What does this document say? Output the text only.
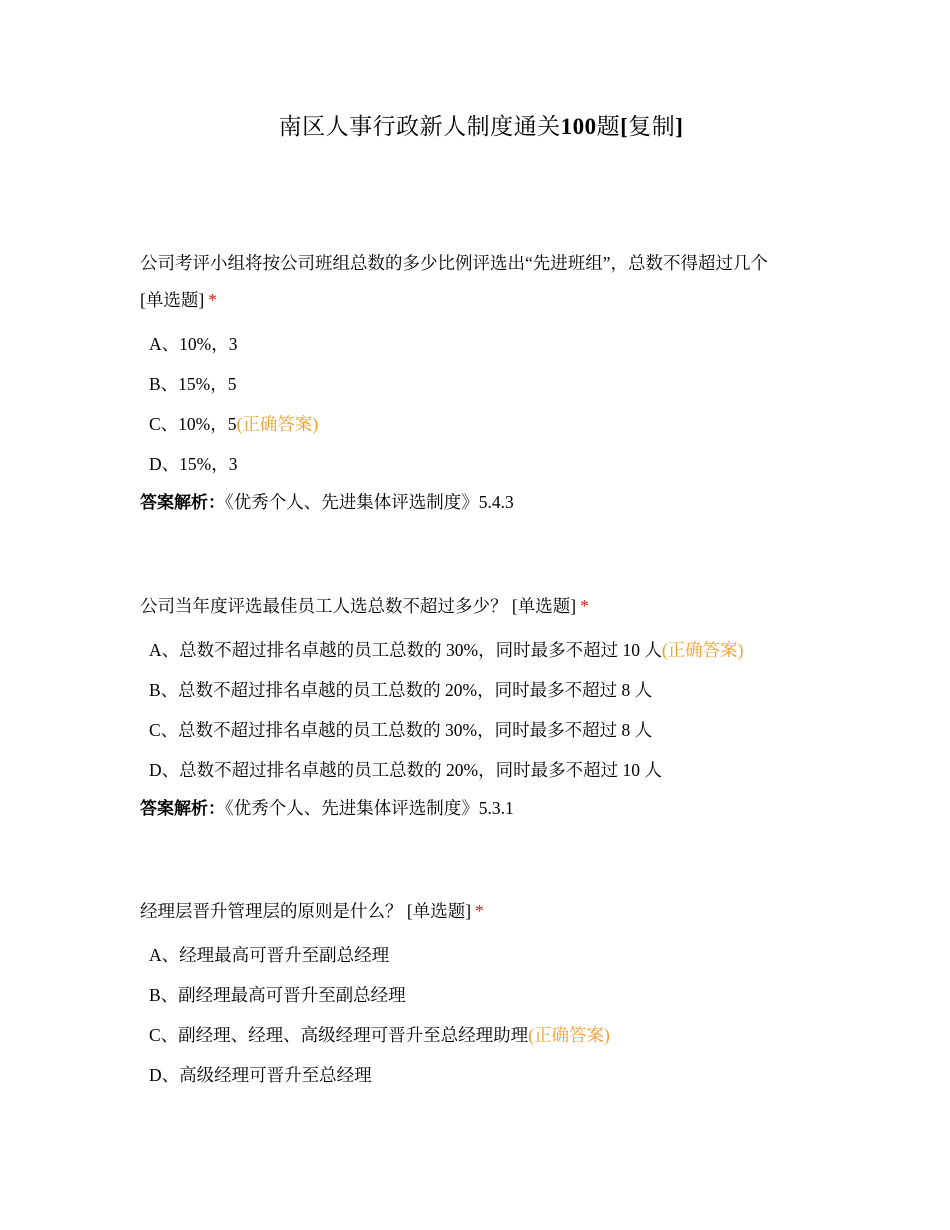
南区人事行政新人制度通关100题[复制]
公司考评小组将按公司班组总数的多少比例评选出“先进班组”，总数不得超过几个
[单选题] *
A、10%，3
B、15%，5
C、10%，5(正确答案)
D、15%，3
答案解析：《优秀个人、先进集体评选制度》5.4.3
公司当年度评选最佳员工人选总数不超过多少？ [单选题] *
A、总数不超过排名卓越的员工总数的 30%，同时最多不超过 10 人(正确答案)
B、总数不超过排名卓越的员工总数的 20%，同时最多不超过 8 人
C、总数不超过排名卓越的员工总数的 30%，同时最多不超过 8 人
D、总数不超过排名卓越的员工总数的 20%，同时最多不超过 10 人
答案解析：《优秀个人、先进集体评选制度》5.3.1
经理层晋升管理层的原则是什么？ [单选题] *
A、经理最高可晋升至副总经理
B、副经理最高可晋升至副总经理
C、副经理、经理、高级经理可晋升至总经理助理(正确答案)
D、高级经理可晋升至总经理
